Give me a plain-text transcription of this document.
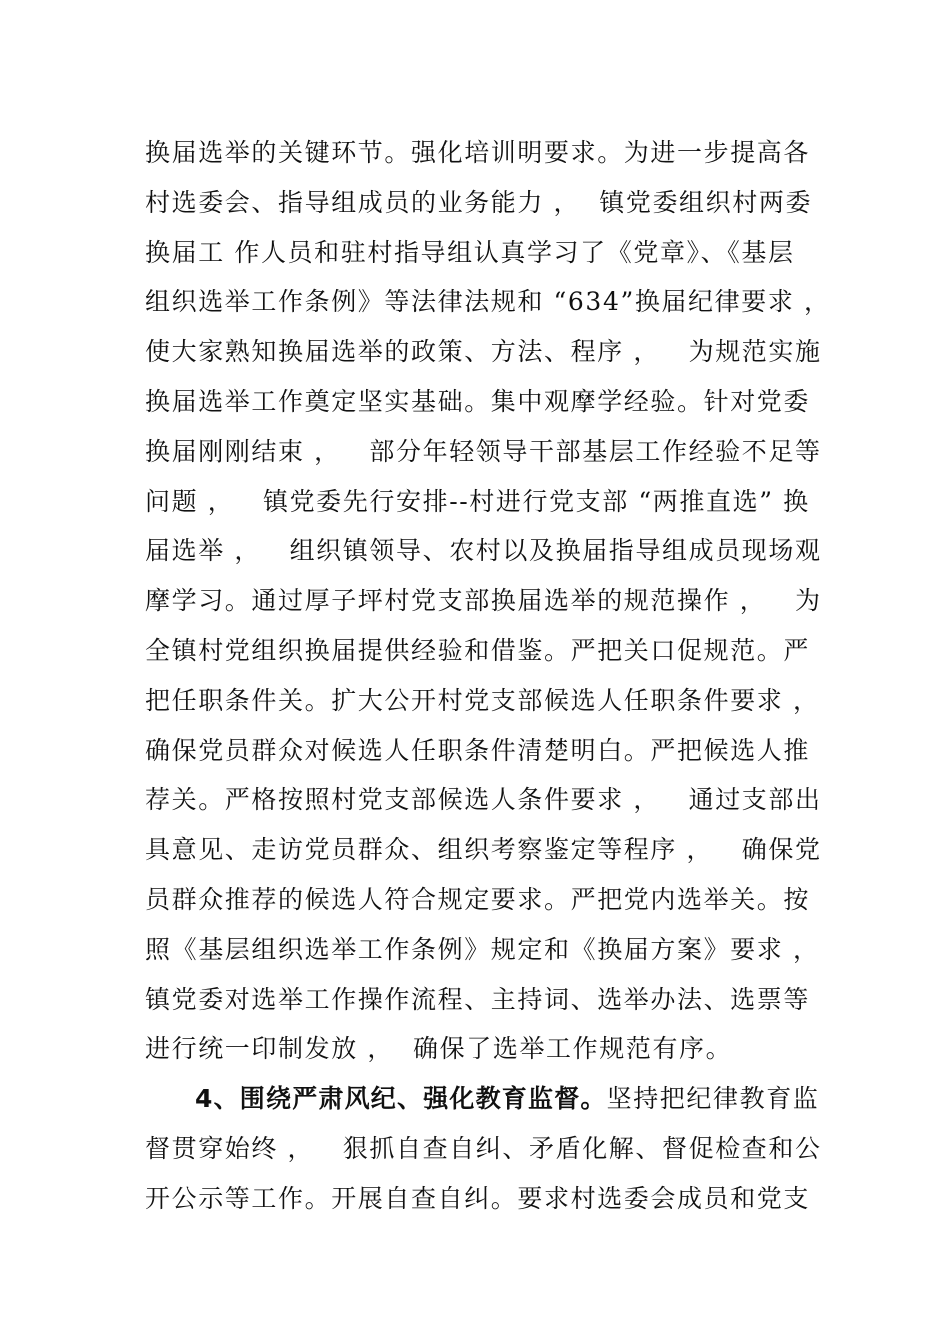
换届选举的关键环节。强化培训明要求。为进一步提高各
村选委会、指导组成员的业务能力 ，  镇党委组织村两委
换届工 作人员和驻村指导组认真学习了《党章》、《基层
组织选举工作条例》等法律法规和 “634”换届纪律要求 ，
使大家熟知换届选举的政策、方法、程序 ，   为规范实施
换届选举工作奠定坚实基础。集中观摩学经验。针对党委
换届刚刚结束 ，   部分年轻领导干部基层工作经验不足等
问题 ，   镇党委先行安排--村进行党支部 “两推直选” 换
届选举 ，   组织镇领导、农村以及换届指导组成员现场观
摩学习。通过厚子坪村党支部换届选举的规范操作 ，   为
全镇村党组织换届提供经验和借鉴。严把关口促规范。严
把任职条件关。扩大公开村党支部候选人任职条件要求 ，
确保党员群众对候选人任职条件清楚明白。严把候选人推
荐关。严格按照村党支部候选人条件要求 ，   通过支部出
具意见、走访党员群众、组织考察鉴定等程序 ，   确保党
员群众推荐的候选人符合规定要求。严把党内选举关。按
照《基层组织选举工作条例》规定和《换届方案》要求 ，
镇党委对选举工作操作流程、主持词、选举办法、选票等
进行统一印制发放 ，  确保了选举工作规范有序。
4、围绕严肃风纪、强化教育监督。坚持把纪律教育监
督贯穿始终 ，   狠抓自查自纠、矛盾化解、督促检查和公
开公示等工作。开展自查自纠。要求村选委会成员和党支
